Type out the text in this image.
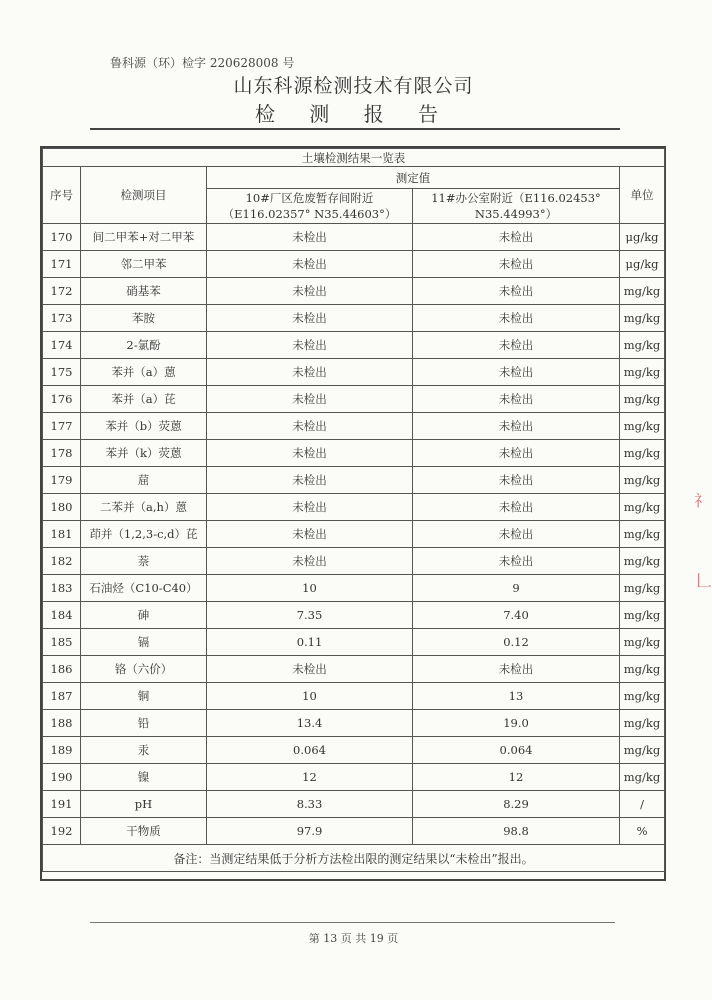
鲁科源（环）检字 220628008 号
山东科源检测技术有限公司
检 测 报 告
土壤检测结果一览表				
序号	检测项目	测定值		单位
		10#厂区危废暂存间附近（E116.02357° N35.44603°）	11#办公室附近（E116.02453° N35.44993°）	
170	间二甲苯+对二甲苯	未检出	未检出	μg/kg
171	邻二甲苯	未检出	未检出	μg/kg
172	硝基苯	未检出	未检出	mg/kg
173	苯胺	未检出	未检出	mg/kg
174	2-氯酚	未检出	未检出	mg/kg
175	苯并（a）蒽	未检出	未检出	mg/kg
176	苯并（a）芘	未检出	未检出	mg/kg
177	苯并（b）荧蒽	未检出	未检出	mg/kg
178	苯并（k）荧蒽	未检出	未检出	mg/kg
179	䓛	未检出	未检出	mg/kg
180	二苯并（a,h）蒽	未检出	未检出	mg/kg
181	茚并（1,2,3-c,d）芘	未检出	未检出	mg/kg
182	萘	未检出	未检出	mg/kg
183	石油烃（C10-C40）	10	9	mg/kg
184	砷	7.35	7.40	mg/kg
185	镉	0.11	0.12	mg/kg
186	铬（六价）	未检出	未检出	mg/kg
187	铜	10	13	mg/kg
188	铅	13.4	19.0	mg/kg
189	汞	0.064	0.064	mg/kg
190	镍	12	12	mg/kg
191	pH	8.33	8.29	/
192	干物质	97.9	98.8	%
备注：当测定结果低于分析方法检出限的测定结果以“未检出”报出。				
第 13 页 共 19 页
礻
𠃊
